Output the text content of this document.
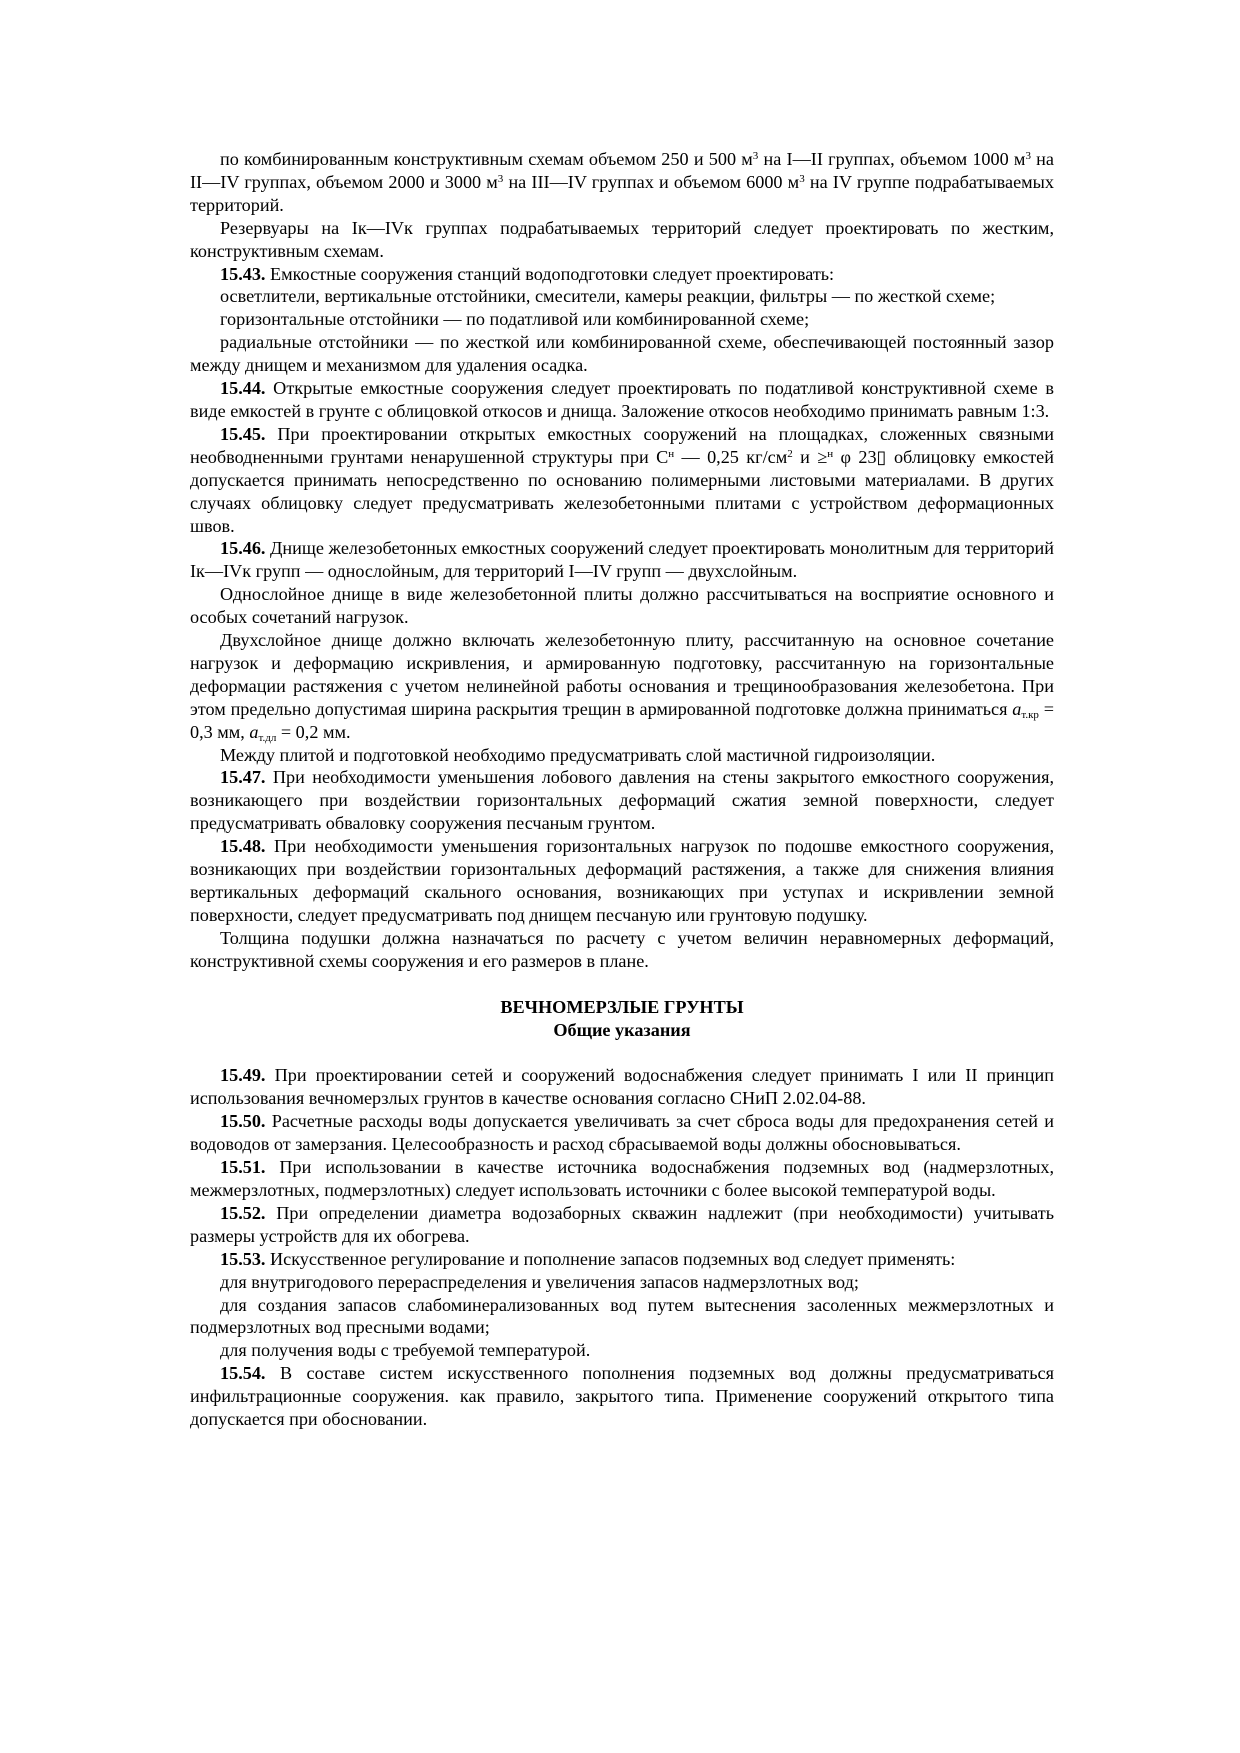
по комбинированным конструктивным схемам объемом 250 и 500 $м^3$ на I—II группах, объемом 1000 $м^3$ на II—IV группах, объемом 2000 и 3000 $м^3$ на III—IV группах и объемом 6000 $м^3$ на IV группе подрабатываемых территорий.

Резервуары на Iк—IVк группах подрабатываемых территорий следует проектировать по жестким, конструктивным схемам.

15.43. Емкостные сооружения станций водоподготовки следует проектировать:

осветлители, вертикальные отстойники, смесители, камеры реакции, фильтры — по жесткой схеме;

горизонтальные отстойники — по податливой или комбинированной схеме;

радиальные отстойники — по жесткой или комбинированной схеме, обеспечивающей постоянный зазор между днищем и механизмом для удаления осадка.

15.44. Открытые емкостные сооружения следует проектировать по податливой конструктивной схеме в виде емкостей в грунте с облицовкой откосов и днища. Заложение откосов необходимо принимать равным 1:3.

15.45. При проектировании открытых емкостных сооружений на площадках, сложенных связными необводненными грунтами ненарушенной структуры при $С^н$ — 0,25 $кг/см^2$ и ≥$^н$ φ 23▯ облицовку емкостей допускается принимать непосредственно по основанию полимерными листовыми материалами. В других случаях облицовку следует предусматривать железобетонными плитами с устройством деформационных швов.

15.46. Днище железобетонных емкостных сооружений следует проектировать монолитным для территорий Iк—IVк групп — однослойным, для территорий I—IV групп — двухслойным.

Однослойное днище в виде железобетонной плиты должно рассчитываться на восприятие основного и особых сочетаний нагрузок.

Двухслойное днище должно включать железобетонную плиту, рассчитанную на основное сочетание нагрузок и деформацию искривления, и армированную подготовку, рассчитанную на горизонтальные деформации растяжения с учетом нелинейной работы основания и трещинообразования железобетона. При этом предельно допустимая ширина раскрытия трещин в армированной подготовке должна приниматься $а_{т.кр} = 0,3$ мм, $а_{т.дл} = 0,2$ мм.

Между плитой и подготовкой необходимо предусматривать слой мастичной гидроизоляции.

15.47. При необходимости уменьшения лобового давления на стены закрытого емкостного сооружения, возникающего при воздействии горизонтальных деформаций сжатия земной поверхности, следует предусматривать обваловку сооружения песчаным грунтом.

15.48. При необходимости уменьшения горизонтальных нагрузок по подошве емкостного сооружения, возникающих при воздействии горизонтальных деформаций растяжения, а также для снижения влияния вертикальных деформаций скального основания, возникающих при уступах и искривлении земной поверхности, следует предусматривать под днищем песчаную или грунтовую подушку.

Толщина подушки должна назначаться по расчету с учетом величин неравномерных деформаций, конструктивной схемы сооружения и его размеров в плане.

ВЕЧНОМЕРЗЛЫЕ ГРУНТЫ

Общие указания

15.49. При проектировании сетей и сооружений водоснабжения следует принимать I или II принцип использования вечномерзлых грунтов в качестве основания согласно СНиП 2.02.04-88.

15.50. Расчетные расходы воды допускается увеличивать за счет сброса воды для предохранения сетей и водоводов от замерзания. Целесообразность и расход сбрасываемой воды должны обосновываться.

15.51. При использовании в качестве источника водоснабжения подземных вод (надмерзлотных, межмерзлотных, подмерзлотных) следует использовать источники с более высокой температурой воды.

15.52. При определении диаметра водозаборных скважин надлежит (при необходимости) учитывать размеры устройств для их обогрева.

15.53. Искусственное регулирование и пополнение запасов подземных вод следует применять:

для внутригодового перераспределения и увеличения запасов надмерзлотных вод;

для создания запасов слабоминерализованных вод путем вытеснения засоленных межмерзлотных и подмерзлотных вод пресными водами;

для получения воды с требуемой температурой.

15.54. В составе систем искусственного пополнения подземных вод должны предусматриваться инфильтрационные сооружения. как правило, закрытого типа. Применение сооружений открытого типа допускается при обосновании.
